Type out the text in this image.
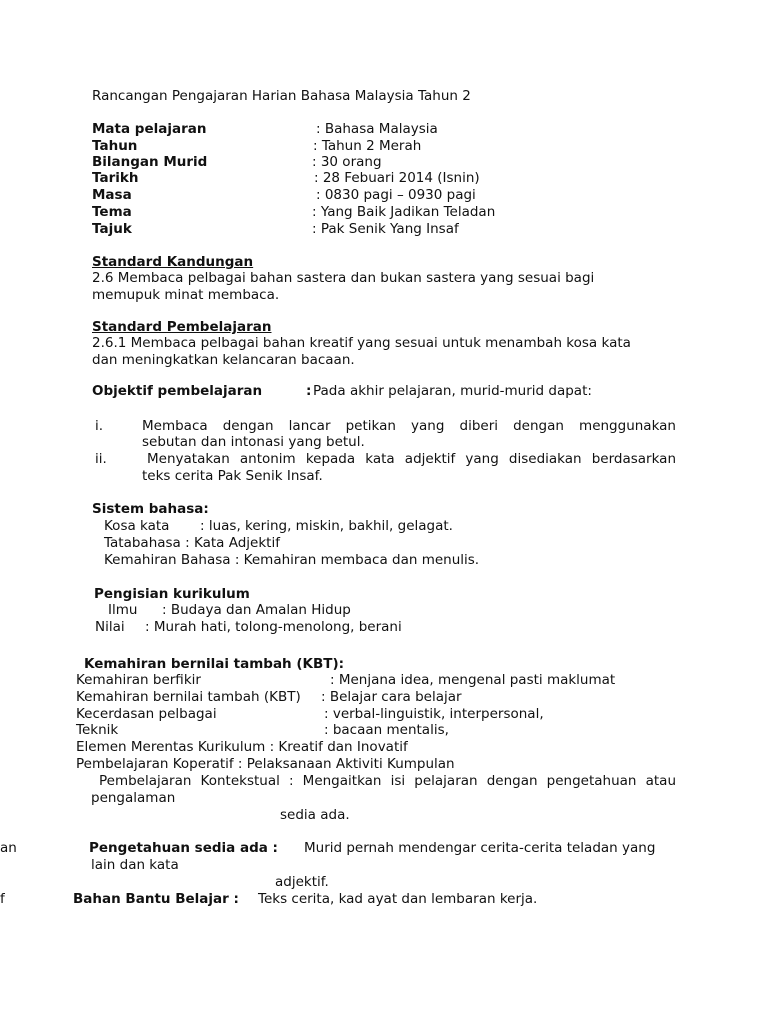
Rancangan Pengajaran Harian Bahasa Malaysia Tahun 2
Mata pelajaran	: Bahasa Malaysia
Tahun	: Tahun 2 Merah
Bilangan Murid	: 30 orang
Tarikh	: 28 Febuari 2014 (Isnin)
Masa	: 0830 pagi – 0930 pagi
Tema	: Yang Baik Jadikan Teladan
Tajuk	: Pak Senik Yang Insaf
Standard Kandungan
2.6 Membaca pelbagai bahan sastera dan bukan sastera yang sesuai bagi
memupuk minat membaca.
Standard Pembelajaran
2.6.1 Membaca pelbagai bahan kreatif yang sesuai untuk menambah kosa kata
dan meningkatkan kelancaran bacaan.
Objektif pembelajaran	: Pada akhir pelajaran, murid-murid dapat:
i.	Membaca dengan lancar petikan yang diberi dengan menggunakan
sebutan dan intonasi yang betul.
ii.	Menyatakan antonim kepada kata adjektif yang disediakan berdasarkan
teks cerita Pak Senik Insaf.
Sistem bahasa:
Kosa kata : luas, kering, miskin, bakhil, gelagat.
Tatabahasa : Kata Adjektif
Kemahiran Bahasa : Kemahiran membaca dan menulis.
Pengisian kurikulum
Ilmu : Budaya dan Amalan Hidup
Nilai : Murah hati, tolong-menolong, berani
Kemahiran bernilai tambah (KBT):
Kemahiran berfikir	: Menjana idea, mengenal pasti maklumat
Kemahiran bernilai tambah (KBT) : Belajar cara belajar
Kecerdasan pelbagai	: verbal-linguistik, interpersonal,
Teknik	: bacaan mentalis,
Elemen Merentas Kurikulum : Kreatif dan Inovatif
Pembelajaran Koperatif : Pelaksanaan Aktiviti Kumpulan
Pembelajaran Kontekstual : Mengaitkan isi pelajaran dengan pengetahuan atau
pengalaman
sedia ada.
an	Pengetahuan sedia ada : Murid pernah mendengar cerita-cerita teladan yang
lain dan kata
adjektif.
f	Bahan Bantu Belajar : Teks cerita, kad ayat dan lembaran kerja.
